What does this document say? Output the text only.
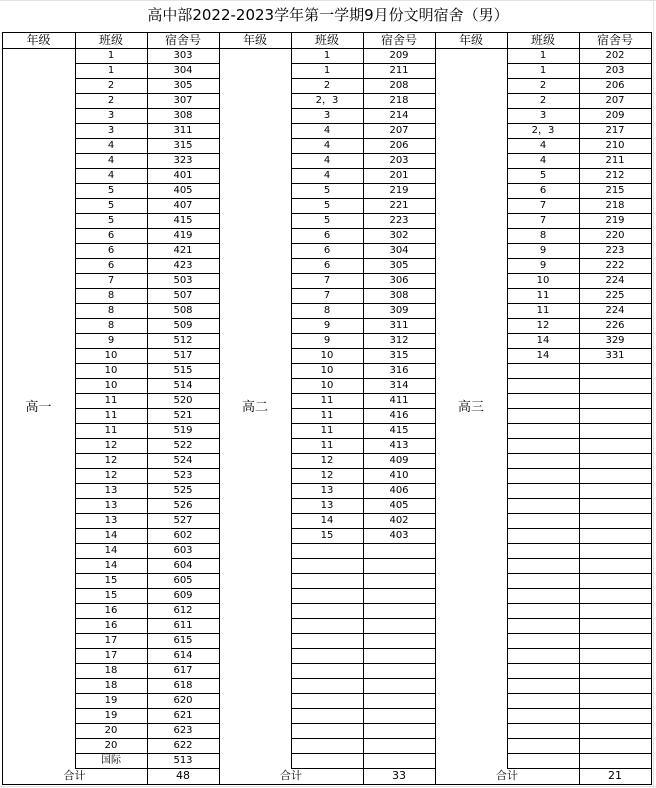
高中部2022-2023学年第一学期9月份文明宿舍（男）
年级	班级	宿舍号	年级	班级	宿舍号	年级	班级	宿舍号
高一
1	303
1	304
2	305
2	307
3	308
3	311
4	315
4	323
4	401
5	405
5	407
5	415
6	419
6	421
6	423
7	503
8	507
8	508
8	509
9	512
10	517
10	515
10	514
11	520
11	521
11	519
12	522
12	524
12	523
13	525
13	526
13	527
14	602
14	603
14	604
15	605
15	609
16	612
16	611
17	615
17	614
18	617
18	618
19	620
19	621
20	623
20	622
国际	513
合计	48
高二
1	209
1	211
2	208
2，3	218
3	214
4	207
4	206
4	203
4	201
5	219
5	221
5	223
6	302
6	304
6	305
7	306
7	308
8	309
9	311
9	312
10	315
10	316
10	314
11	411
11	416
11	415
11	413
12	409
12	410
13	406
13	405
14	402
15	403
合计	33
高三
1	202
1	203
2	206
2	207
3	209
2，3	217
4	210
4	211
5	212
6	215
7	218
7	219
8	220
9	223
9	222
10	224
11	225
11	224
12	226
14	329
14	331
合计	21
